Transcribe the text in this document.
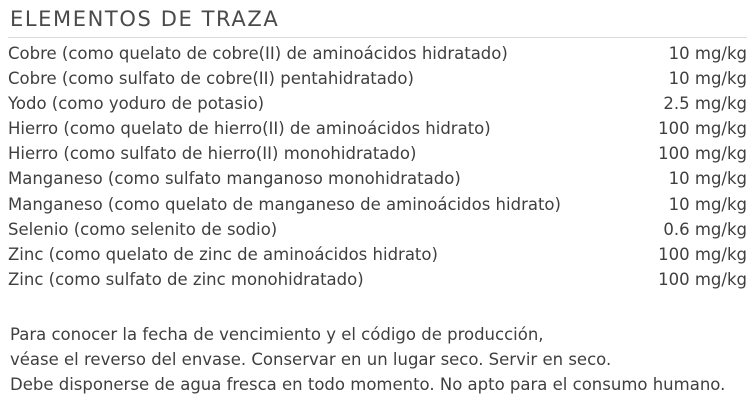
ELEMENTOS DE TRAZA
Cobre (como quelato de cobre(II) de aminoácidos hidratado)	10 mg/kg
Cobre (como sulfato de cobre(II) pentahidratado)	10 mg/kg
Yodo (como yoduro de potasio)	2.5 mg/kg
Hierro (como quelato de hierro(II) de aminoácidos hidrato)	100 mg/kg
Hierro (como sulfato de hierro(II) monohidratado)	100 mg/kg
Manganeso (como sulfato manganoso monohidratado)	10 mg/kg
Manganeso (como quelato de manganeso de aminoácidos hidrato)	10 mg/kg
Selenio (como selenito de sodio)	0.6 mg/kg
Zinc (como quelato de zinc de aminoácidos hidrato)	100 mg/kg
Zinc (como sulfato de zinc monohidratado)	100 mg/kg

Para conocer la fecha de vencimiento y el código de producción,

véase el reverso del envase. Conservar en un lugar seco. Servir en seco.

Debe disponerse de agua fresca en todo momento. No apto para el consumo humano.
